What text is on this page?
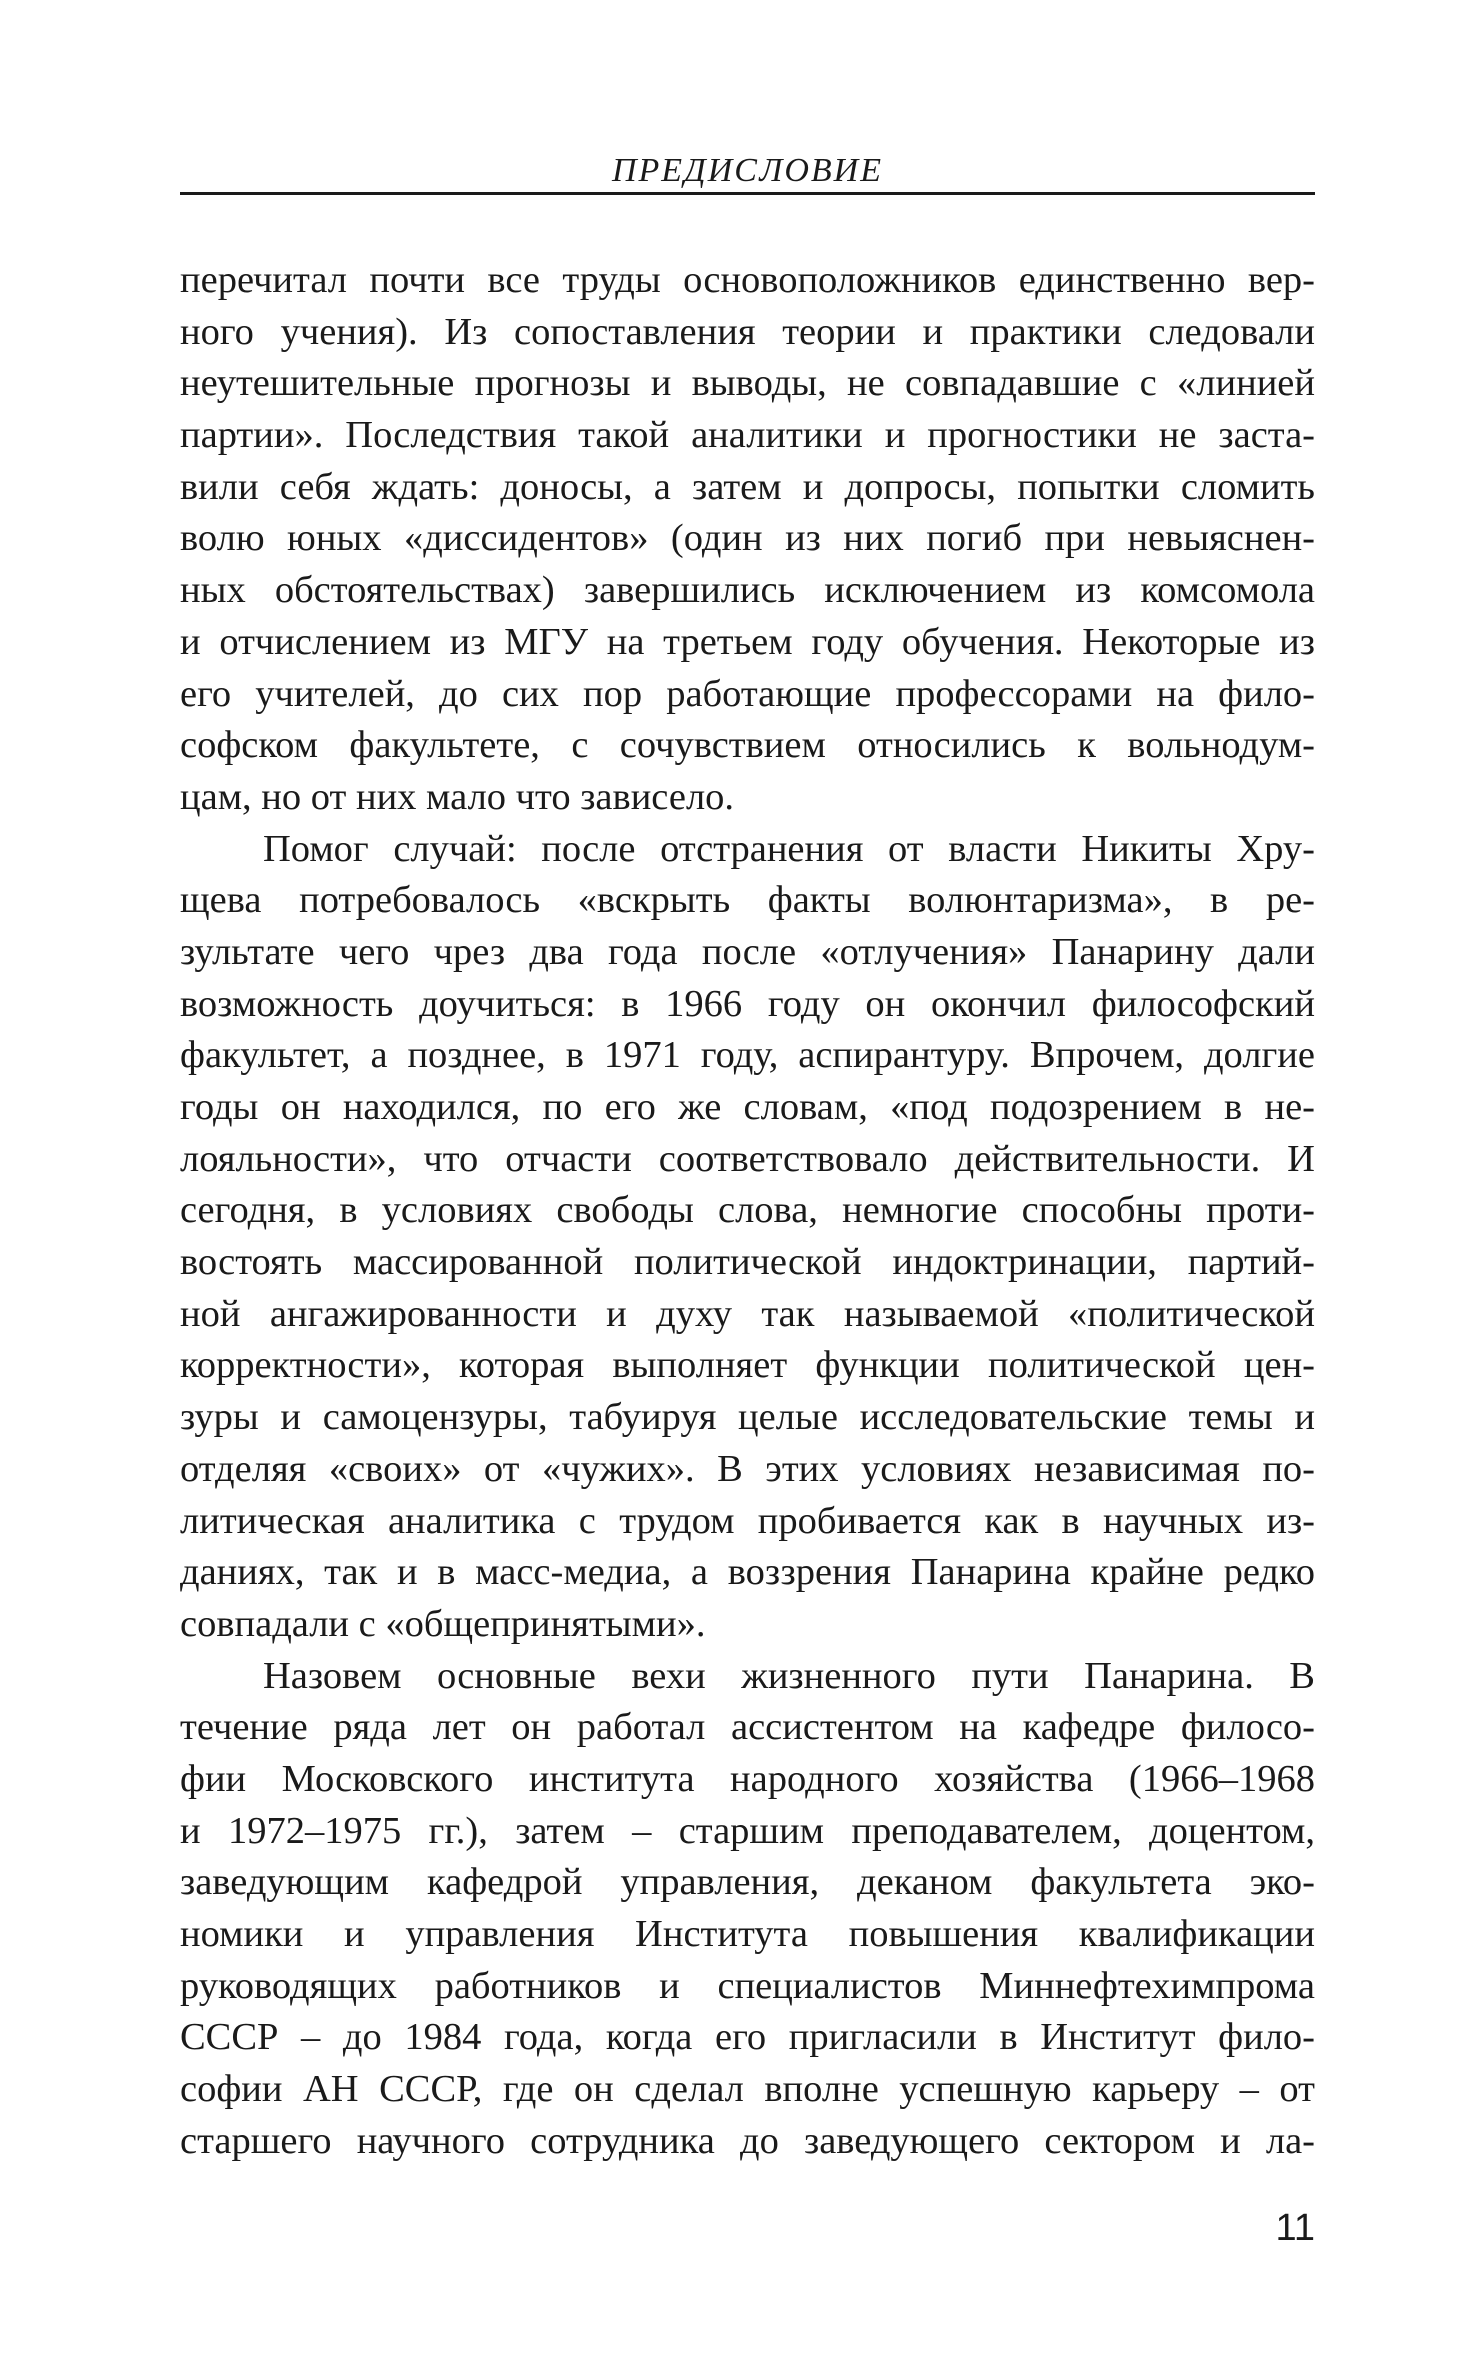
ПРЕДИСЛОВИЕ

перечитал почти все труды основоположников единственно вер-
ного учения). Из сопоставления теории и практики следовали
неутешительные прогнозы и выводы, не совпадавшие с «линией
партии». Последствия такой аналитики и прогностики не заста-
вили себя ждать: доносы, а затем и допросы, попытки сломить
волю юных «диссидентов» (один из них погиб при невыяснен-
ных обстоятельствах) завершились исключением из комсомола
и отчислением из МГУ на третьем году обучения. Некоторые из
его учителей, до сих пор работающие профессорами на фило-
софском факультете, с сочувствием относились к вольнодум-
цам, но от них мало что зависело.

Помог случай: после отстранения от власти Никиты Хру-
щева потребовалось «вскрыть факты волюнтаризма», в ре-
зультате чего чрез два года после «отлучения» Панарину дали
возможность доучиться: в 1966 году он окончил философский
факультет, а позднее, в 1971 году, аспирантуру. Впрочем, долгие
годы он находился, по его же словам, «под подозрением в не-
лояльности», что отчасти соответствовало действительности. И
сегодня, в условиях свободы слова, немногие способны проти-
востоять массированной политической индоктринации, партий-
ной ангажированности и духу так называемой «политической
корректности», которая выполняет функции политической цен-
зуры и самоцензуры, табуируя целые исследовательские темы и
отделяя «своих» от «чужих». В этих условиях независимая по-
литическая аналитика с трудом пробивается как в научных из-
даниях, так и в масс-медиа, а воззрения Панарина крайне редко
совпадали с «общепринятыми».

Назовем основные вехи жизненного пути Панарина. В
течение ряда лет он работал ассистентом на кафедре филосо-
фии Московского института народного хозяйства (1966–1968
и 1972–1975 гг.), затем – старшим преподавателем, доцентом,
заведующим кафедрой управления, деканом факультета эко-
номики и управления Института повышения квалификации
руководящих работников и специалистов Миннефтехимпрома
СССР – до 1984 года, когда его пригласили в Институт фило-
софии АН СССР, где он сделал вполне успешную карьеру – от
старшего научного сотрудника до заведующего сектором и ла-

11
